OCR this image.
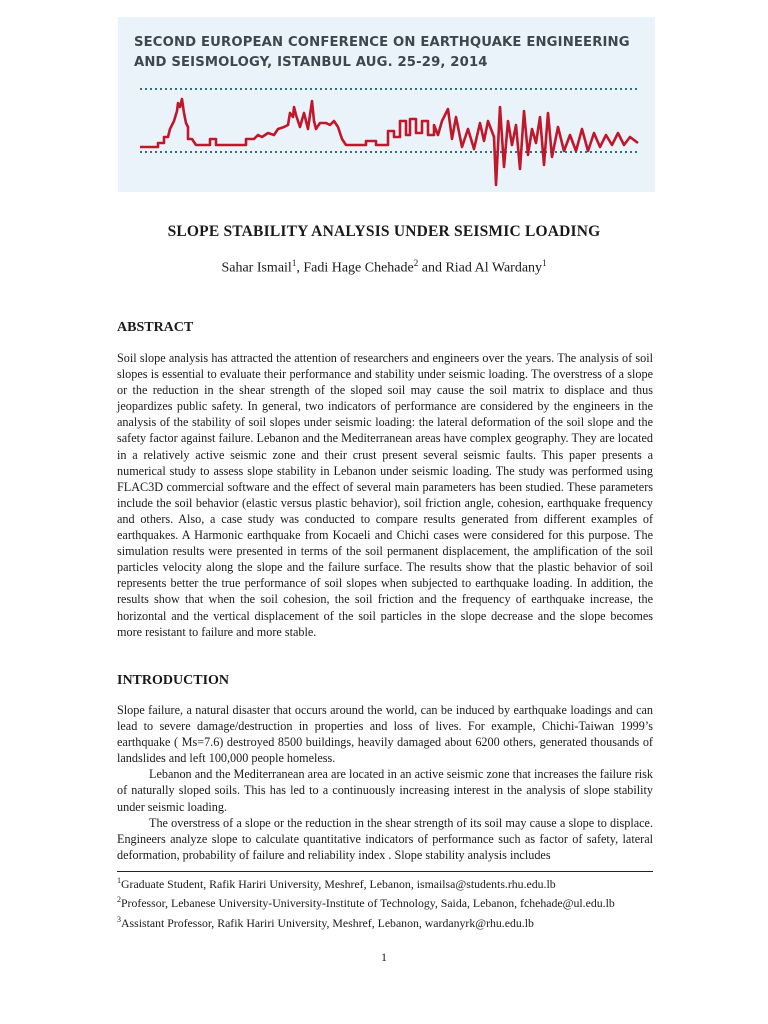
SECOND EUROPEAN CONFERENCE ON EARTHQUAKE ENGINEERING
AND SEISMOLOGY, ISTANBUL AUG. 25-29, 2014
SLOPE STABILITY ANALYSIS UNDER SEISMIC LOADING
Sahar Ismail$^1$, Fadi Hage Chehade$^2$ and Riad Al Wardany$^1$
ABSTRACT

Soil slope analysis has attracted the attention of researchers and engineers over the years. The analysis of soil slopes is essential to evaluate their performance and stability under seismic loading. The overstress of a slope or the reduction in the shear strength of the sloped soil may cause the soil matrix to displace and thus jeopardizes public safety. In general, two indicators of performance are considered by the engineers in the analysis of the stability of soil slopes under seismic loading: the lateral deformation of the soil slope and the safety factor against failure. Lebanon and the Mediterranean areas have complex geography. They are located in a relatively active seismic zone and their crust present several seismic faults. This paper presents a numerical study to assess slope stability in Lebanon under seismic loading. The study was performed using FLAC3D commercial software and the effect of several main parameters has been studied. These parameters include the soil behavior (elastic versus plastic behavior), soil friction angle, cohesion, earthquake frequency and others. Also, a case study was conducted to compare results generated from different examples of earthquakes. A Harmonic earthquake from Kocaeli and Chichi cases were considered for this purpose. The simulation results were presented in terms of the soil permanent displacement, the amplification of the soil particles velocity along the slope and the failure surface. The results show that the plastic behavior of soil represents better the true performance of soil slopes when subjected to earthquake loading. In addition, the results show that when the soil cohesion, the soil friction and the frequency of earthquake increase, the horizontal and the vertical displacement of the soil particles in the slope decrease and the slope becomes more resistant to failure and more stable.

INTRODUCTION

Slope failure, a natural disaster that occurs around the world, can be induced by earthquake loadings and can lead to severe damage/destruction in properties and loss of lives. For example, Chichi-Taiwan 1999’s earthquake ( Ms=7.6) destroyed 8500 buildings, heavily damaged about 6200 others, generated thousands of landslides and left 100,000 people homeless.

Lebanon and the Mediterranean area are located in an active seismic zone that increases the failure risk of naturally sloped soils. This has led to a continuously increasing interest in the analysis of slope stability under seismic loading.

The overstress of a slope or the reduction in the shear strength of its soil may cause a slope to displace. Engineers analyze slope to calculate quantitative indicators of performance such as factor of safety, lateral deformation, probability of failure and reliability index . Slope stability analysis includes

$^1$Graduate Student, Rafik Hariri University, Meshref, Lebanon, ismailsa@students.rhu.edu.lb
$^2$Professor, Lebanese University-University-Institute of Technology, Saida, Lebanon, fchehade@ul.edu.lb
$^3$Assistant Professor, Rafik Hariri University, Meshref, Lebanon, wardanyrk@rhu.edu.lb
1
